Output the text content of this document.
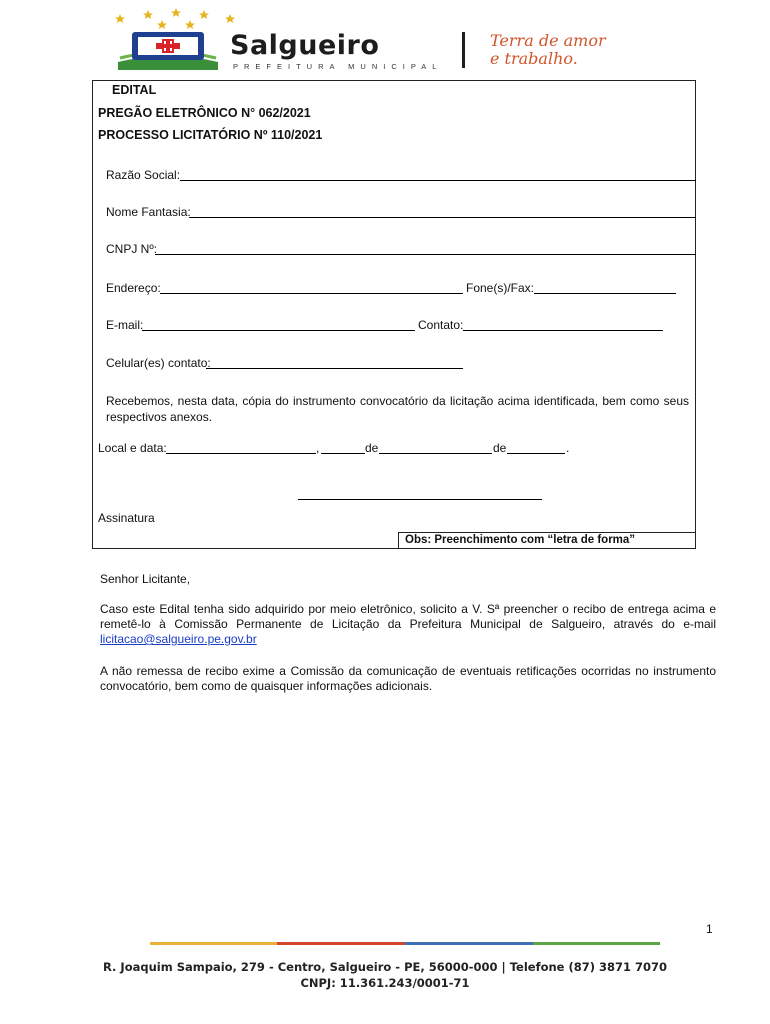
Salgueiro
PREFEITURA MUNICIPAL
Terra de amor
e trabalho.
EDITAL
PREGÃO ELETRÔNICO N° 062/2021
PROCESSO LICITATÓRIO Nº 110/2021
Razão Social:
Nome Fantasia:
CNPJ Nº:
Endereço:	Fone(s)/Fax:
E-mail:	Contato:
Celular(es) contato:
Recebemos, nesta data, cópia do instrumento convocatório da licitação acima identificada, bem como seus respectivos anexos.
Local e data:	,	de	de	.
Assinatura
Obs: Preenchimento com “letra de forma”
Senhor Licitante,
Caso este Edital tenha sido adquirido por meio eletrônico, solicito a V. Sª preencher o recibo de entrega acima e remetê-lo à Comissão Permanente de Licitação da Prefeitura Municipal de Salgueiro, através do e-mail licitacao@salgueiro.pe.gov.br
A não remessa de recibo exime a Comissão da comunicação de eventuais retificações ocorridas no instrumento convocatório, bem como de quaisquer informações adicionais.
1
R. Joaquim Sampaio, 279 - Centro, Salgueiro - PE, 56000-000 | Telefone (87) 3871 7070
CNPJ: 11.361.243/0001-71
